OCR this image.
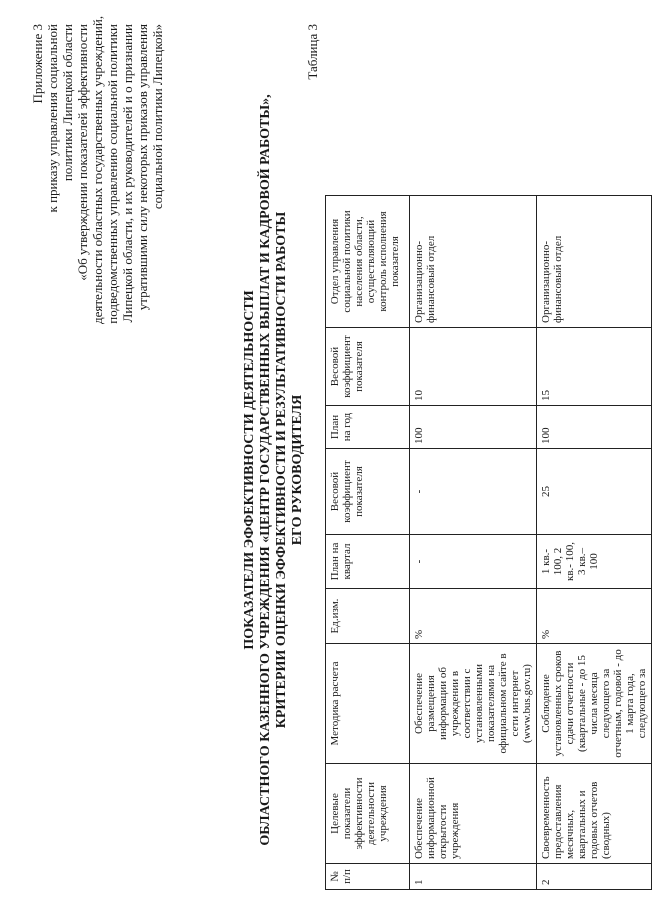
Приложение 3 к приказу управления социальной политики Липецкой области «Об утверждении показателей эффективности деятельности областных государственных учреждений, подведомственных управлению социальной политики Липецкой области, и их руководителей и о признании утратившими силу некоторых приказов управления социальной политики Липецкой»
ПОКАЗАТЕЛИ ЭФФЕКТИВНОСТИ ДЕЯТЕЛЬНОСТИ ОБЛАСТНОГО КАЗЕННОГО УЧРЕЖДЕНИЯ «ЦЕНТР ГОСУДАРСТВЕННЫХ ВЫПЛАТ И КАДРОВОЙ РАБОТЫ», КРИТЕРИИ ОЦЕНКИ ЭФФЕКТИВНОСТИ И РЕЗУЛЬТАТИВНОСТИ РАБОТЫ ЕГО РУКОВОДИТЕЛЯ
Таблица 3
№ п/п	Целевые показатели эффективности деятельности учреждения	Методика расчета	Ед.изм.	План на квартал	Весовой коэффициент показателя	План на год	Весовой коэффициент показателя	Отдел управления социальной политики населения области, осуществляющий контроль исполнения показателя
1	Обеспечение информационной открытости учреждения	Обеспечение размещения информации об учреждении в соответствии с установленными показателями на официальном сайте в сети интернет (www.bus.gov.ru)	%	-	-	100	10	Организационно-финансовый отдел
2	Своевременность предоставления месячных, квартальных и годовых отчетов (сводных)	Соблюдение установленных сроков сдачи отчетности (квартальные - до 15 числа месяца следующего за отчетным, годовой - до 1 марта года, следующего за	%	1 кв.- 100, 2 кв.- 100, 3 кв.– 100	25	100	15	Организационно-финансовый отдел
